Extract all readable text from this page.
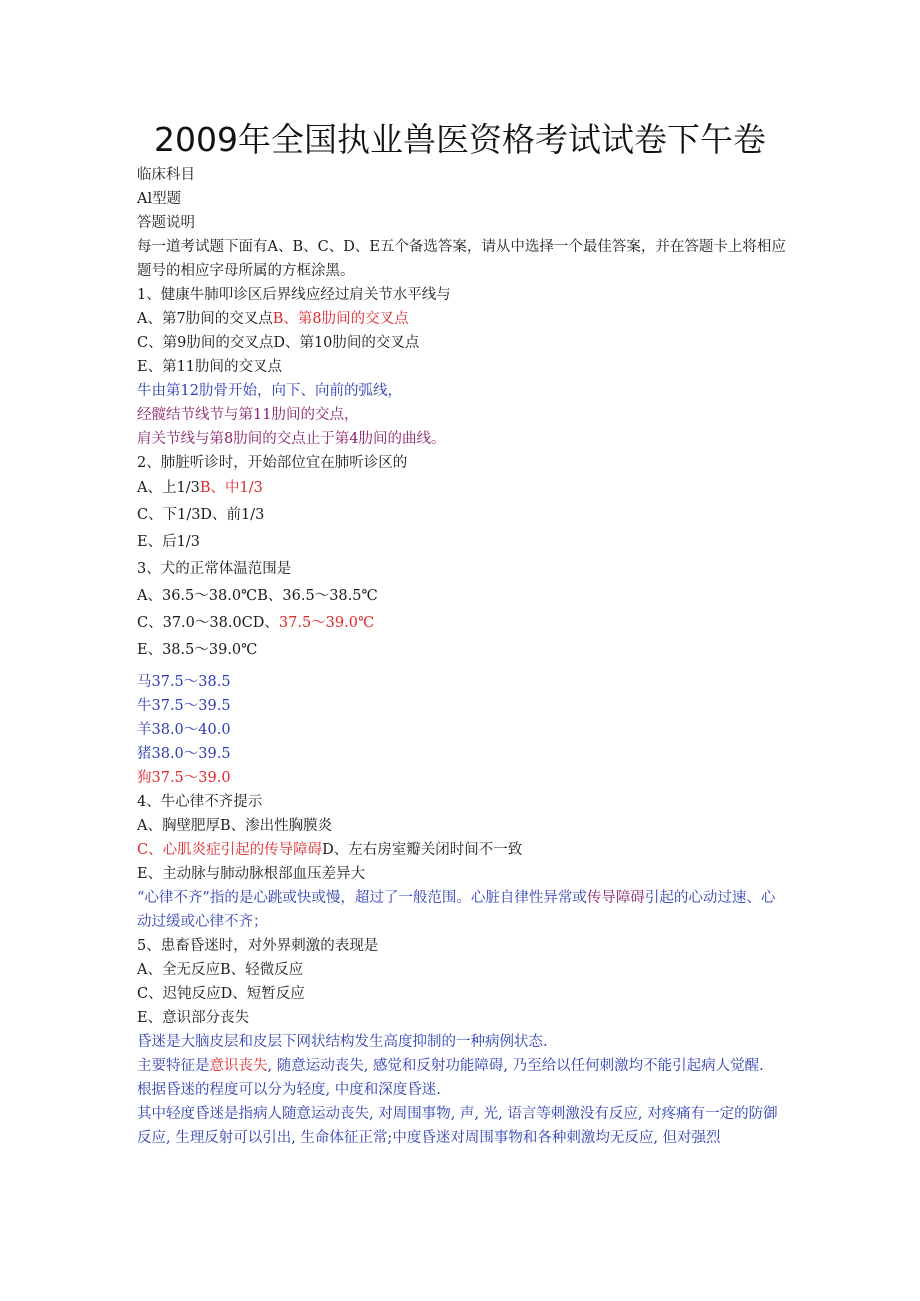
2009年全国执业兽医资格考试试卷下午卷
临床科目
Al型题
答题说明
每一道考试题下面有A、B、C、D、E五个备选答案，请从中选择一个最佳答案，并在答题卡上将相应题号的相应字母所属的方框涂黑。
1、健康牛肺叩诊区后界线应经过肩关节水平线与
A、第7肋间的交叉点B、第8肋间的交叉点
C、第9肋间的交叉点D、第10肋间的交叉点
E、第11肋间的交叉点
牛由第12肋骨开始，向下、向前的弧线，
经髋结节线节与第11肋间的交点，
肩关节线与第8肋间的交点止于第4肋间的曲线。
2、肺脏听诊时，开始部位宜在肺听诊区的
A、上1/3B、中1/3
C、下1/3D、前1/3
E、后1/3
3、犬的正常体温范围是
A、36.5～38.0℃B、36.5～38.5℃
C、37.0～38.0CD、37.5～39.0℃
E、38.5～39.0℃
马37.5～38.5
牛37.5～39.5
羊38.0～40.0
猪38.0～39.5
狗37.5～39.0
4、牛心律不齐提示
A、胸壁肥厚B、渗出性胸膜炎
C、心肌炎症引起的传导障碍D、左右房室瓣关闭时间不一致
E、主动脉与肺动脉根部血压差异大
“心律不齐”指的是心跳或快或慢，超过了一般范围。心脏自律性异常或传导障碍引起的心动过速、心动过缓或心律不齐；
5、患畜昏迷时，对外界刺激的表现是
A、全无反应B、轻微反应
C、迟钝反应D、短暂反应
E、意识部分丧失
昏迷是大脑皮层和皮层下网状结构发生高度抑制的一种病例状态.
主要特征是意识丧失, 随意运动丧失, 感觉和反射功能障碍, 乃至给以任何刺激均不能引起病人觉醒.
根据昏迷的程度可以分为轻度, 中度和深度昏迷.
其中轻度昏迷是指病人随意运动丧失, 对周围事物, 声, 光, 语言等刺激没有反应, 对疼痛有一定的防御反应, 生理反射可以引出, 生命体征正常;中度昏迷对周围事物和各种刺激均无反应, 但对强烈
